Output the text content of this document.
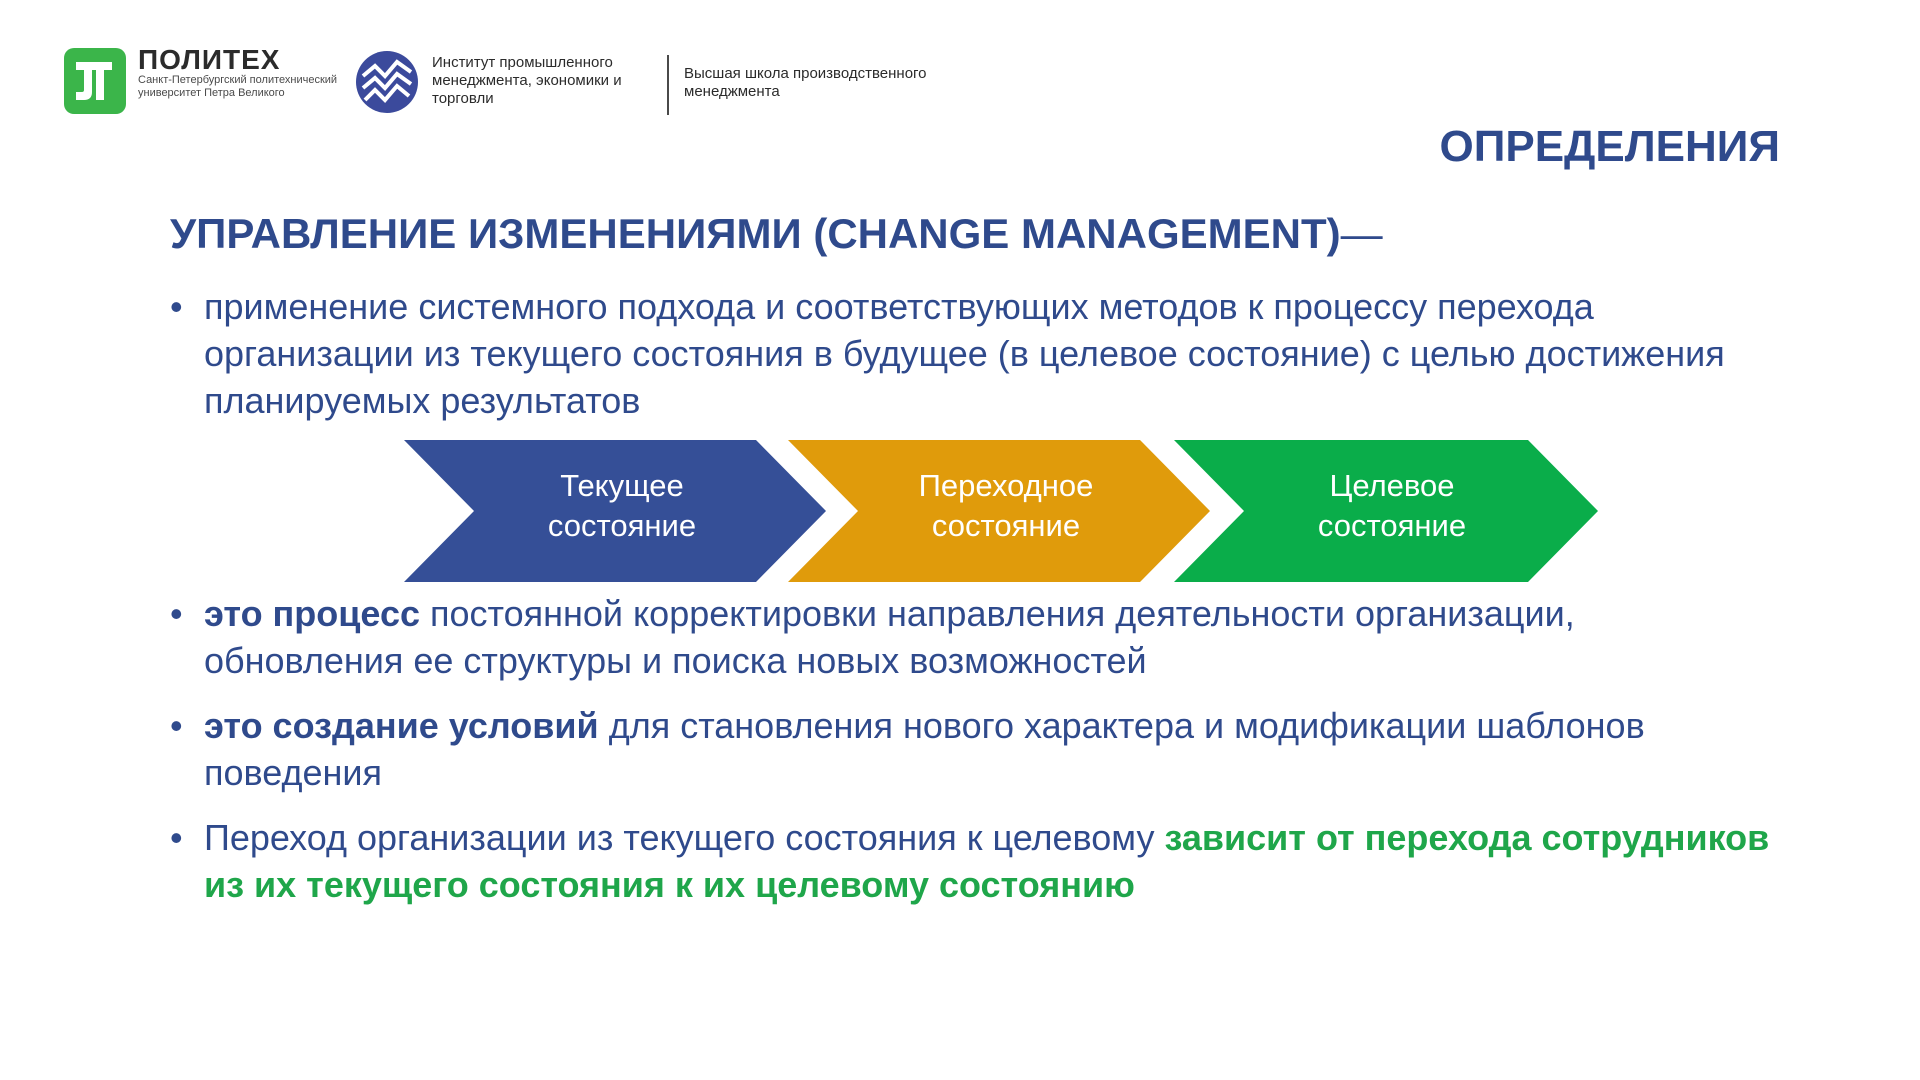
ПОЛИТЕХ
Санкт-Петербургский политехнический университет Петра Великого
Институт промышленного менеджмента, экономики и торговли
Высшая школа производственного менеджмента
ОПРЕДЕЛЕНИЯ
УПРАВЛЕНИЕ ИЗМЕНЕНИЯМИ (CHANGE MANAGEMENT)—
• применение системного подхода и соответствующих методов к процессу перехода организации из текущего состояния в будущее (в целевое состояние) с целью достижения планируемых результатов
Текущее
состояние
Переходное
состояние
Целевое
состояние
• это процесс постоянной корректировки направления деятельности организации, обновления ее структуры и поиска новых возможностей
• это создание условий для становления нового характера и модификации шаблонов поведения
• Переход организации из текущего состояния к целевому зависит от перехода сотрудников из их текущего состояния к их целевому состоянию
